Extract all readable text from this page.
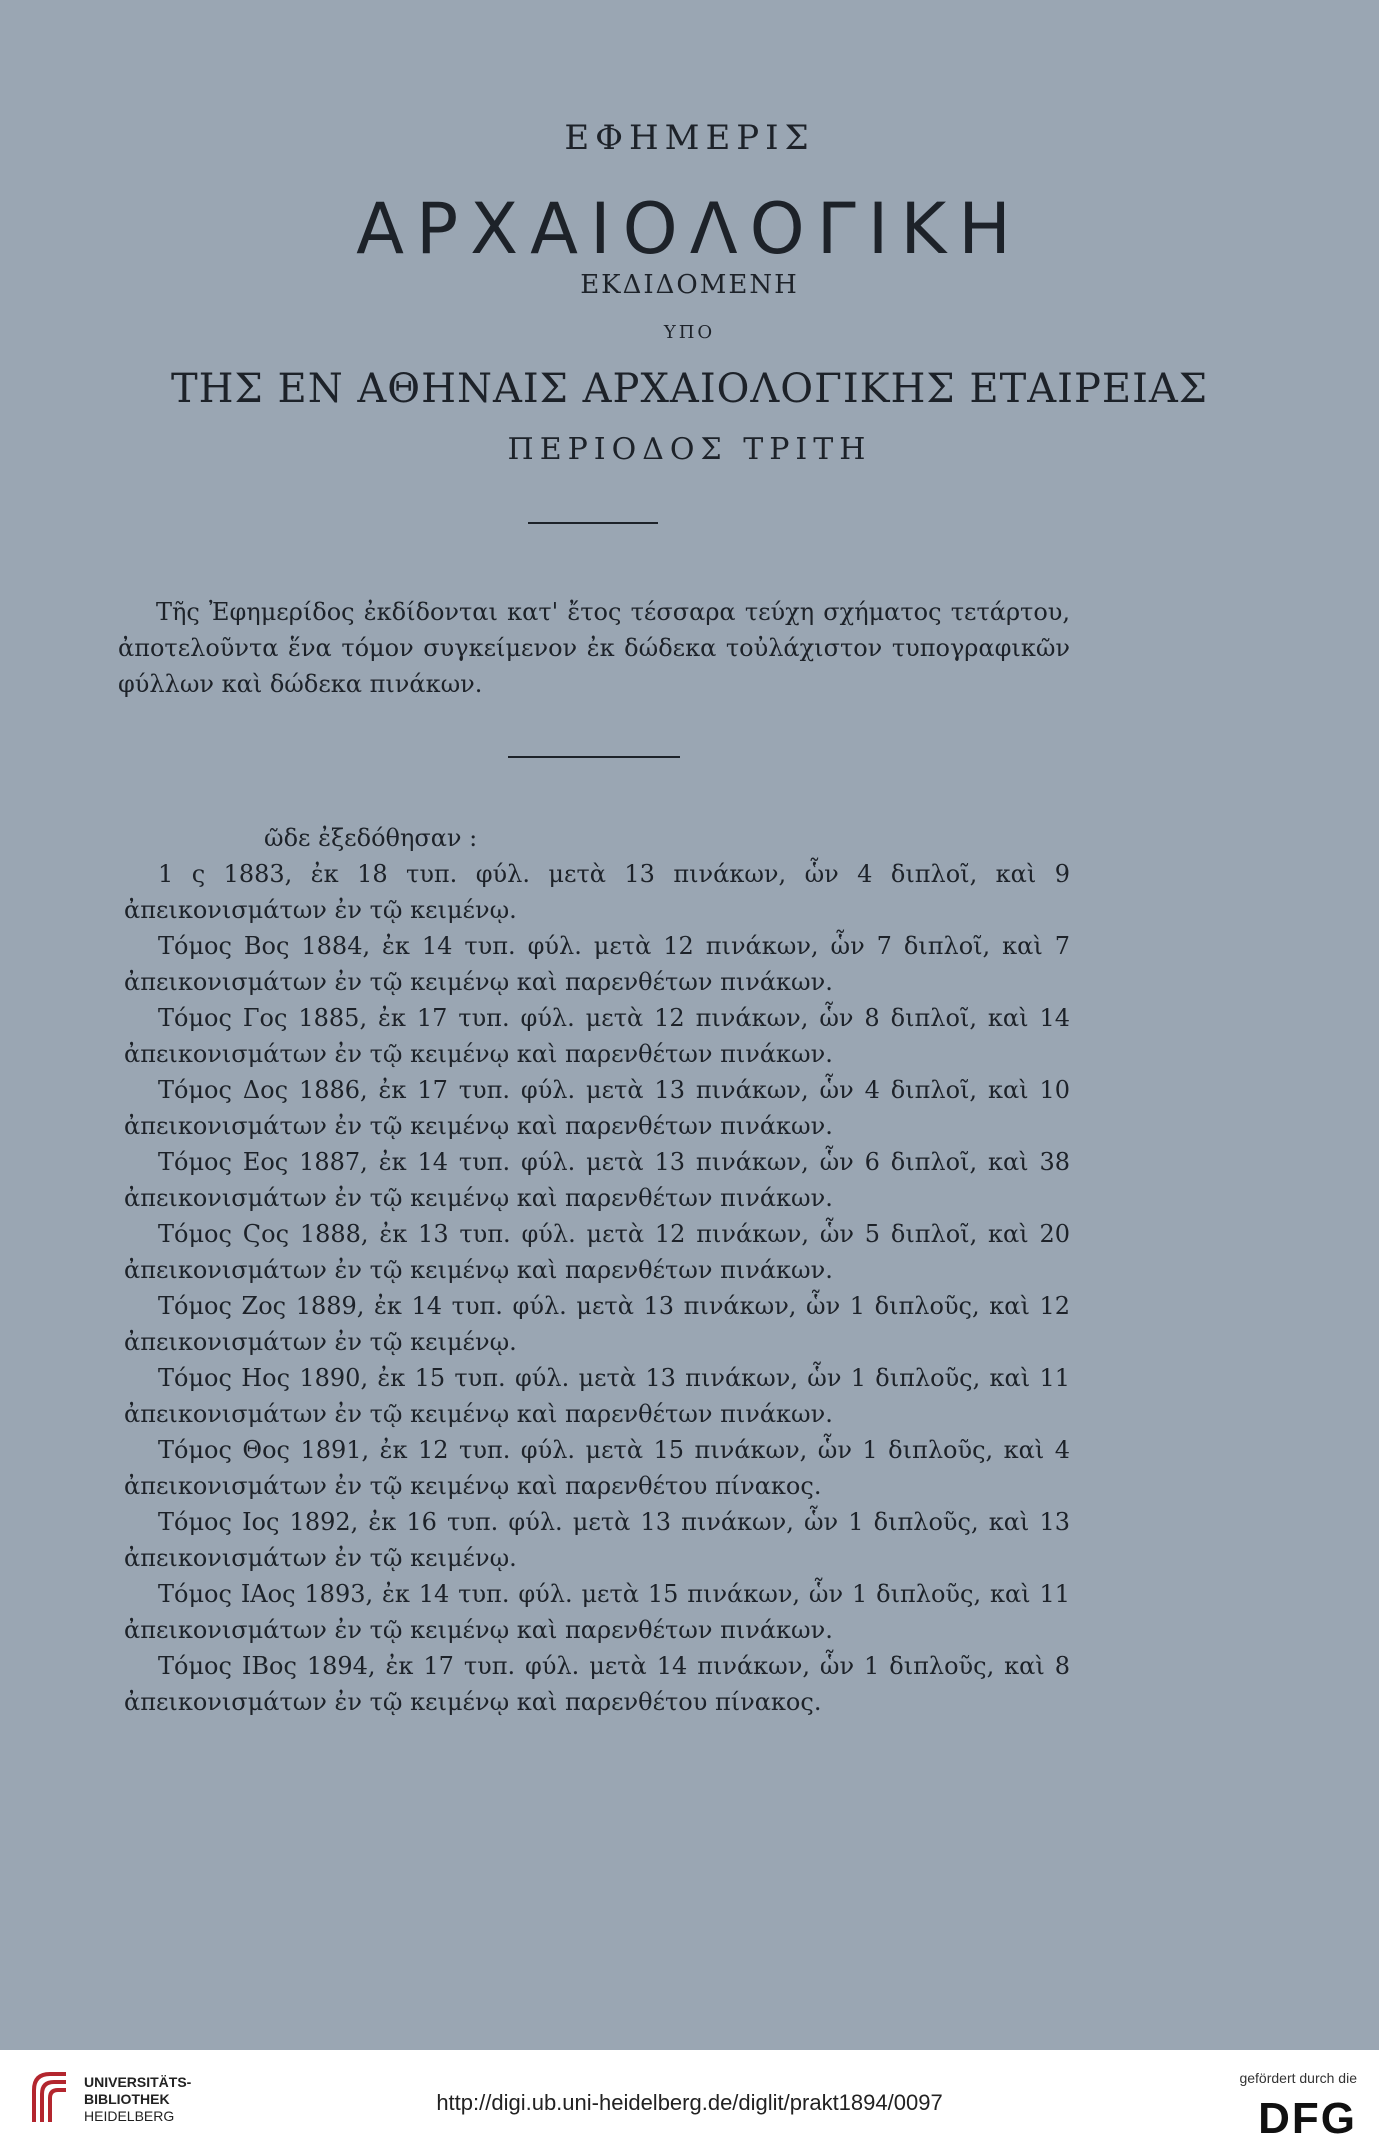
ΕΦΗΜΕΡΙΣ
ΑΡΧΑΙΟΛΟΓΙΚΗ
ΕΚΔΙΔΟΜΕΝΗ
ΥΠΟ
ΤΗΣ ΕΝ ΑΘΗΝΑΙΣ ΑΡΧΑΙΟΛΟΓΙΚΗΣ ΕΤΑΙΡΕΙΑΣ
ΠΕΡΙΟΔΟΣ ΤΡΙΤΗ

Τῆς Ἐφημερίδος ἐκδίδονται κατ' ἔτος τέσσαρα τεύχη σχήματος τετάρτου, ἀποτελοῦντα ἕνα τόμον συγκείμενον ἐκ δώδεκα τοὐλάχιστον τυπογραφικῶν φύλλων καὶ δώδεκα πινάκων.

ῶδε ἐξεδόθησαν :

1 ς 1883, ἐκ 18 τυπ. φύλ. μετὰ 13 πινάκων, ὧν 4 διπλοῖ, καὶ 9 ἀπεικονισμάτων ἐν τῷ κειμένῳ.

Τόμος Βος 1884, ἐκ 14 τυπ. φύλ. μετὰ 12 πινάκων, ὧν 7 διπλοῖ, καὶ 7 ἀπεικονισμάτων ἐν τῷ κειμένῳ καὶ παρενθέτων πινάκων.

Τόμος Γος 1885, ἐκ 17 τυπ. φύλ. μετὰ 12 πινάκων, ὧν 8 διπλοῖ, καὶ 14 ἀπεικονισμάτων ἐν τῷ κειμένῳ καὶ παρενθέτων πινάκων.

Τόμος Δος 1886, ἐκ 17 τυπ. φύλ. μετὰ 13 πινάκων, ὧν 4 διπλοῖ, καὶ 10 ἀπεικονισμάτων ἐν τῷ κειμένῳ καὶ παρενθέτων πινάκων.

Τόμος Εος 1887, ἐκ 14 τυπ. φύλ. μετὰ 13 πινάκων, ὧν 6 διπλοῖ, καὶ 38 ἀπεικονισμάτων ἐν τῷ κειμένῳ καὶ παρενθέτων πινάκων.

Τόμος Ϛος 1888, ἐκ 13 τυπ. φύλ. μετὰ 12 πινάκων, ὧν 5 διπλοῖ, καὶ 20 ἀπεικονισμάτων ἐν τῷ κειμένῳ καὶ παρενθέτων πινάκων.

Τόμος Ζος 1889, ἐκ 14 τυπ. φύλ. μετὰ 13 πινάκων, ὧν 1 διπλοῦς, καὶ 12 ἀπεικονισμάτων ἐν τῷ κειμένῳ.

Τόμος Ηος 1890, ἐκ 15 τυπ. φύλ. μετὰ 13 πινάκων, ὧν 1 διπλοῦς, καὶ 11 ἀπεικονισμάτων ἐν τῷ κειμένῳ καὶ παρενθέτων πινάκων.

Τόμος Θος 1891, ἐκ 12 τυπ. φύλ. μετὰ 15 πινάκων, ὧν 1 διπλοῦς, καὶ 4 ἀπεικονισμάτων ἐν τῷ κειμένῳ καὶ παρενθέτου πίνακος.

Τόμος Ιος 1892, ἐκ 16 τυπ. φύλ. μετὰ 13 πινάκων, ὧν 1 διπλοῦς, καὶ 13 ἀπεικονισμάτων ἐν τῷ κειμένῳ.

Τόμος ΙΑος 1893, ἐκ 14 τυπ. φύλ. μετὰ 15 πινάκων, ὧν 1 διπλοῦς, καὶ 11 ἀπεικονισμάτων ἐν τῷ κειμένῳ καὶ παρενθέτων πινάκων.

Τόμος ΙΒος 1894, ἐκ 17 τυπ. φύλ. μετὰ 14 πινάκων, ὧν 1 διπλοῦς, καὶ 8 ἀπεικονισμάτων ἐν τῷ κειμένῳ καὶ παρενθέτου πίνακος.

UNIVERSITÄTS-
BIBLIOTHEK
HEIDELBERG
http://digi.ub.uni-heidelberg.de/diglit/prakt1894/0097
gefördert durch die
DFG
